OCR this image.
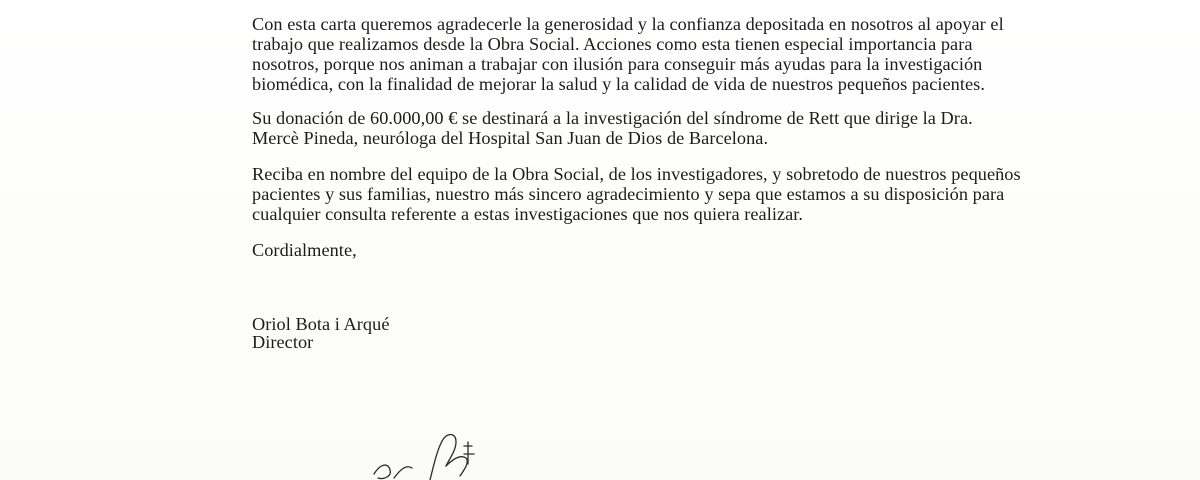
Con esta carta queremos agradecerle la generosidad y la confianza depositada en nosotros al apoyar el
trabajo que realizamos desde la Obra Social. Acciones como esta tienen especial importancia para
nosotros, porque nos animan a trabajar con ilusión para conseguir más ayudas para la investigación
biomédica, con la finalidad de mejorar la salud y la calidad de vida de nuestros pequeños pacientes.

Su donación de 60.000,00 € se destinará a la investigación del síndrome de Rett que dirige la Dra.
Mercè Pineda, neuróloga del Hospital San Juan de Dios de Barcelona.

Reciba en nombre del equipo de la Obra Social, de los investigadores, y sobretodo de nuestros pequeños
pacientes y sus familias, nuestro más sincero agradecimiento y sepa que estamos a su disposición para
cualquier consulta referente a estas investigaciones que nos quiera realizar.

Cordialmente,

Oriol Bota i Arqué

Director
